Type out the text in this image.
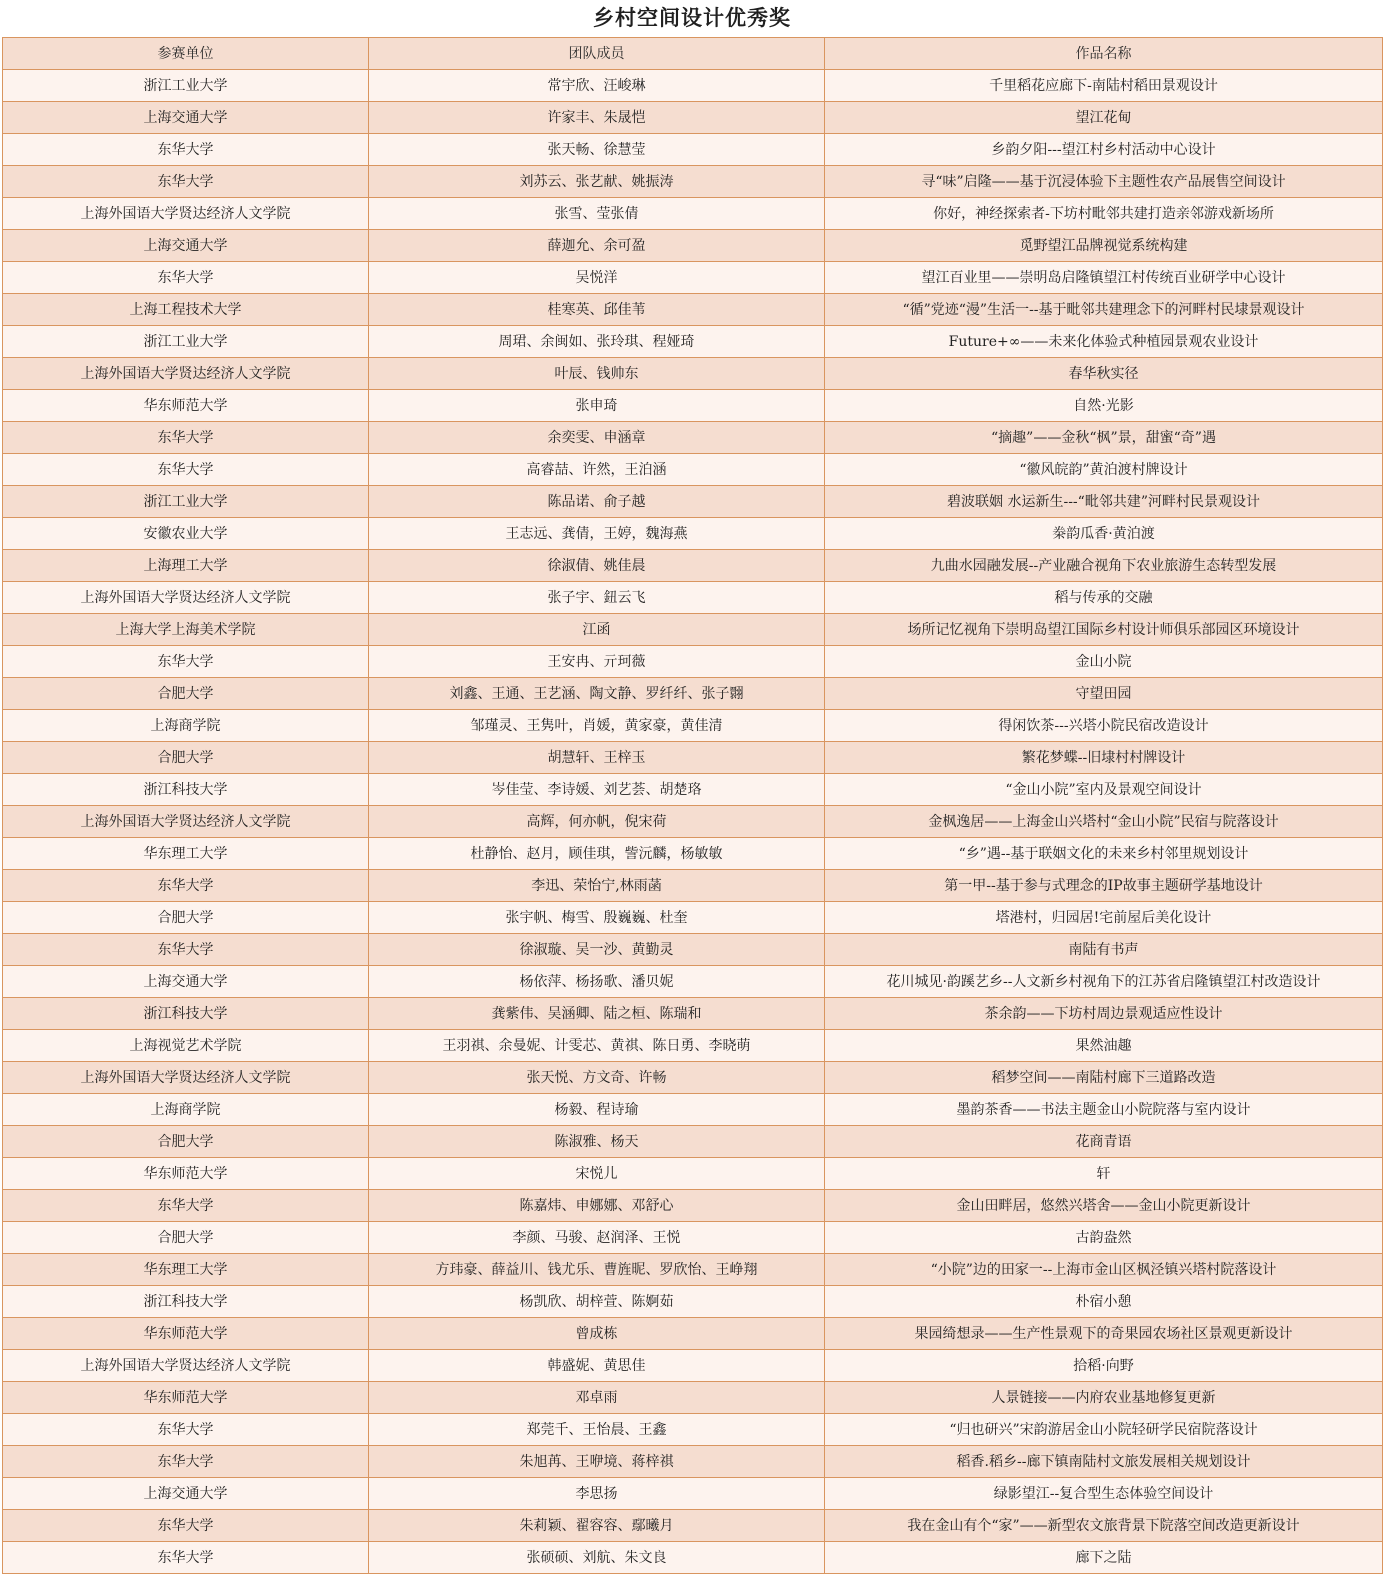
乡村空间设计优秀奖
参赛单位	团队成员	作品名称
浙江工业大学	常宇欣、汪峻琳	千里稻花应廊下-南陆村稻田景观设计
上海交通大学	许家丰、朱晟恺	望江花甸
东华大学	张天畅、徐慧莹	乡韵夕阳---望江村乡村活动中心设计
东华大学	刘苏云、张艺献、姚振涛	寻“味”启隆——基于沉浸体验下主题性农产品展售空间设计
上海外国语大学贤达经济人文学院	张雪、莹张倩	你好，神经探索者-下坊村毗邻共建打造亲邻游戏新场所
上海交通大学	薛迦允、余可盈	觅野望江品牌视觉系统构建
东华大学	吴悦洋	望江百业里——崇明岛启隆镇望江村传统百业研学中心设计
上海工程技术大学	桂寒英、邱佳苇	“循”党迹“漫”生活一--基于毗邻共建理念下的河畔村民埭景观设计
浙江工业大学	周珺、余闽如、张玲琪、程娅琦	Future+∞——未来化体验式种植园景观农业设计
上海外国语大学贤达经济人文学院	叶辰、钱帅东	春华秋实径
华东师范大学	张申琦	自然·光影
东华大学	余奕雯、申涵章	“摘趣”——金秋“枫”景，甜蜜“奇”遇
东华大学	高睿喆、许然，王泊涵	“徽风皖韵”黄泊渡村牌设计
浙江工业大学	陈品诺、俞子越	碧波联姻 水运新生---“毗邻共建”河畔村民景观设计
安徽农业大学	王志远、龚倩，王婷，魏海燕	桊韵瓜香·黄泊渡
上海理工大学	徐淑倩、姚佳晨	九曲水园融发展--产业融合视角下农业旅游生态转型发展
上海外国语大学贤达经济人文学院	张子宇、鈕云飞	稻与传承的交融
上海大学上海美术学院	江函	场所记忆视角下崇明岛望江国际乡村设计师俱乐部园区环境设计
东华大学	王安冉、亓珂薇	金山小院
合肥大学	刘鑫、王通、王艺涵、陶文静、罗纤纤、张子翾	守望田园
上海商学院	邹瑾灵、王隽叶，肖媛，黄家豪，黄佳清	得闲饮茶---兴塔小院民宿改造设计
合肥大学	胡慧轩、王梓玉	繁花梦蝶--旧埭村村牌设计
浙江科技大学	岑佳莹、李诗媛、刘艺荟、胡楚珞	“金山小院”室内及景观空间设计
上海外国语大学贤达经济人文学院	高辉，何亦帆，倪宋荷	金枫逸居——上海金山兴塔村“金山小院”民宿与院落设计
华东理工大学	杜静怡、赵月，顾佳琪，訾沅麟，杨敏敏	“乡”遇--基于联姻文化的未来乡村邻里规划设计
东华大学	李迅、荣怡宁,林雨菡	第一甲--基于参与式理念的IP故事主题研学基地设计
合肥大学	张宇帆、梅雪、殷巍巍、杜奎	塔港村，归园居!宅前屋后美化设计
东华大学	徐淑璇、吴一沙、黄勤灵	南陆有书声
上海交通大学	杨依萍、杨扬歌、潘贝妮	花川城见·韵蹊艺乡--人文新乡村视角下的江苏省启隆镇望江村改造设计
浙江科技大学	龚紫伟、吴涵卿、陆之桓、陈瑞和	茶余韵——下坊村周边景观适应性设计
上海视觉艺术学院	王羽祺、余曼妮、计雯芯、黄祺、陈日勇、李晓萌	果然油趣
上海外国语大学贤达经济人文学院	张天悦、方文奇、许畅	稻梦空间——南陆村廊下三道路改造
上海商学院	杨毅、程诗瑜	墨韵茶香——书法主题金山小院院落与室内设计
合肥大学	陈淑雅、杨天	花商青语
华东师范大学	宋悦儿	轩
东华大学	陈嘉炜、申娜娜、邓舒心	金山田畔居，悠然兴塔舍——金山小院更新设计
合肥大学	李颜、马骏、赵润泽、王悦	古韵盎然
华东理工大学	方玮豪、薛益川、钱尤乐、曹旌昵、罗欣怡、王峥翔	“小院”边的田家一--上海市金山区枫泾镇兴塔村院落设计
浙江科技大学	杨凯欣、胡梓萱、陈婀茹	朴宿小憩
华东师范大学	曾成栋	果园绮想录——生产性景观下的奇果园农场社区景观更新设计
上海外国语大学贤达经济人文学院	韩盛妮、黄思佳	拾稻·向野
华东师范大学	邓卓雨	人景链接——内府农业基地修复更新
东华大学	郑莞千、王怡晨、王鑫	“归也研兴”宋韵游居金山小院轻研学民宿院落设计
东华大学	朱旭苒、王咿境、蒋梓祺	稻香.稻乡--廊下镇南陆村文旅发展相关规划设计
上海交通大学	李思扬	绿影望江--复合型生态体验空间设计
东华大学	朱莉颖、翟容容、鄢曦月	我在金山有个“家”——新型农文旅背景下院落空间改造更新设计
东华大学	张硕硕、刘航、朱文良	廊下之陆
